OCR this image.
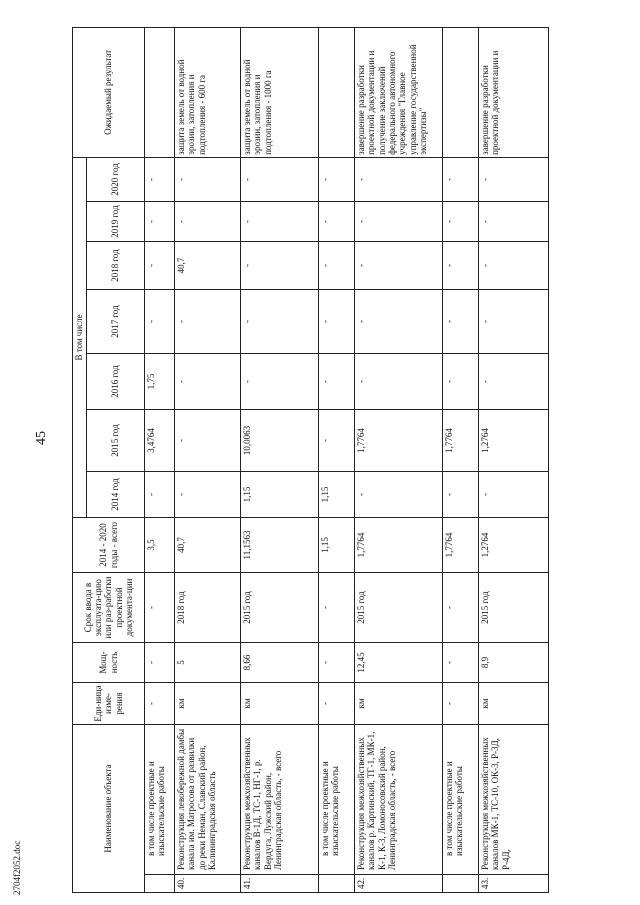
45
2704f2052.doc
Наименование объекта		Еди-ница изме-рения	Мощ-ность	Срок ввода в эксплуата-цию или раз-работки проектной документа-ции	2014 - 2020 годы - всего	В том числе							Ожидаемый результат
						2014 год	2015 год	2016 год	2017 год	2018 год	2019 год	2020 год	
	в том числе проектные и изыскательские работы	-	-	-	3,5	-	3,4764	1,75	-	-	-	-	
40.	Реконструкция левобережной дамбы канала им. Матросова от развилки до реки Неман, Славский район, Калининградская область	км	5	2018 год	40,7	-	-	-	-	40,7	-	-	защита земель от водной эрозии, затопления и подтопления - 600 га
41.	Реконструкция межхозяйственных каналов В-1Д, ТС-1, НГ-1, р. Вердуга, Лужский район, Ленинградская область, - всего	км	8,66	2015 год	11,1563	1,15	10,0063	-	-	-	-	-	защита земель от водной эрозии, затопления и подтопления - 1000 га
	в том числе проектные и изыскательские работы	-	-	-	1,15	1,15	-	-	-	-	-	-	
42.	Реконструкция межхозяйственных каналов р. Картинский, ТГ-1, МК-1, К-1, К-3, Ломоносовский район, Ленинградская область, - всего	км	12,45	2015 год	1,7764	-	1,7764	-	-	-	-	-	завершение разработки проектной документации и получение заключений федерального автономного учреждения "Главное управление государственной экспертизы"
	в том числе проектные и изыскательские работы	-	-	-	1,7764	-	1,7764	-	-	-	-	-	
43.	Реконструкция межхозяйственных каналов МК-1, ТС-10, ОК-3, Р-3Д, Р-4Д,	км	8,9	2015 год	1,2764	-	1,2764	-	-	-	-	-	завершение разработки проектной документации и
